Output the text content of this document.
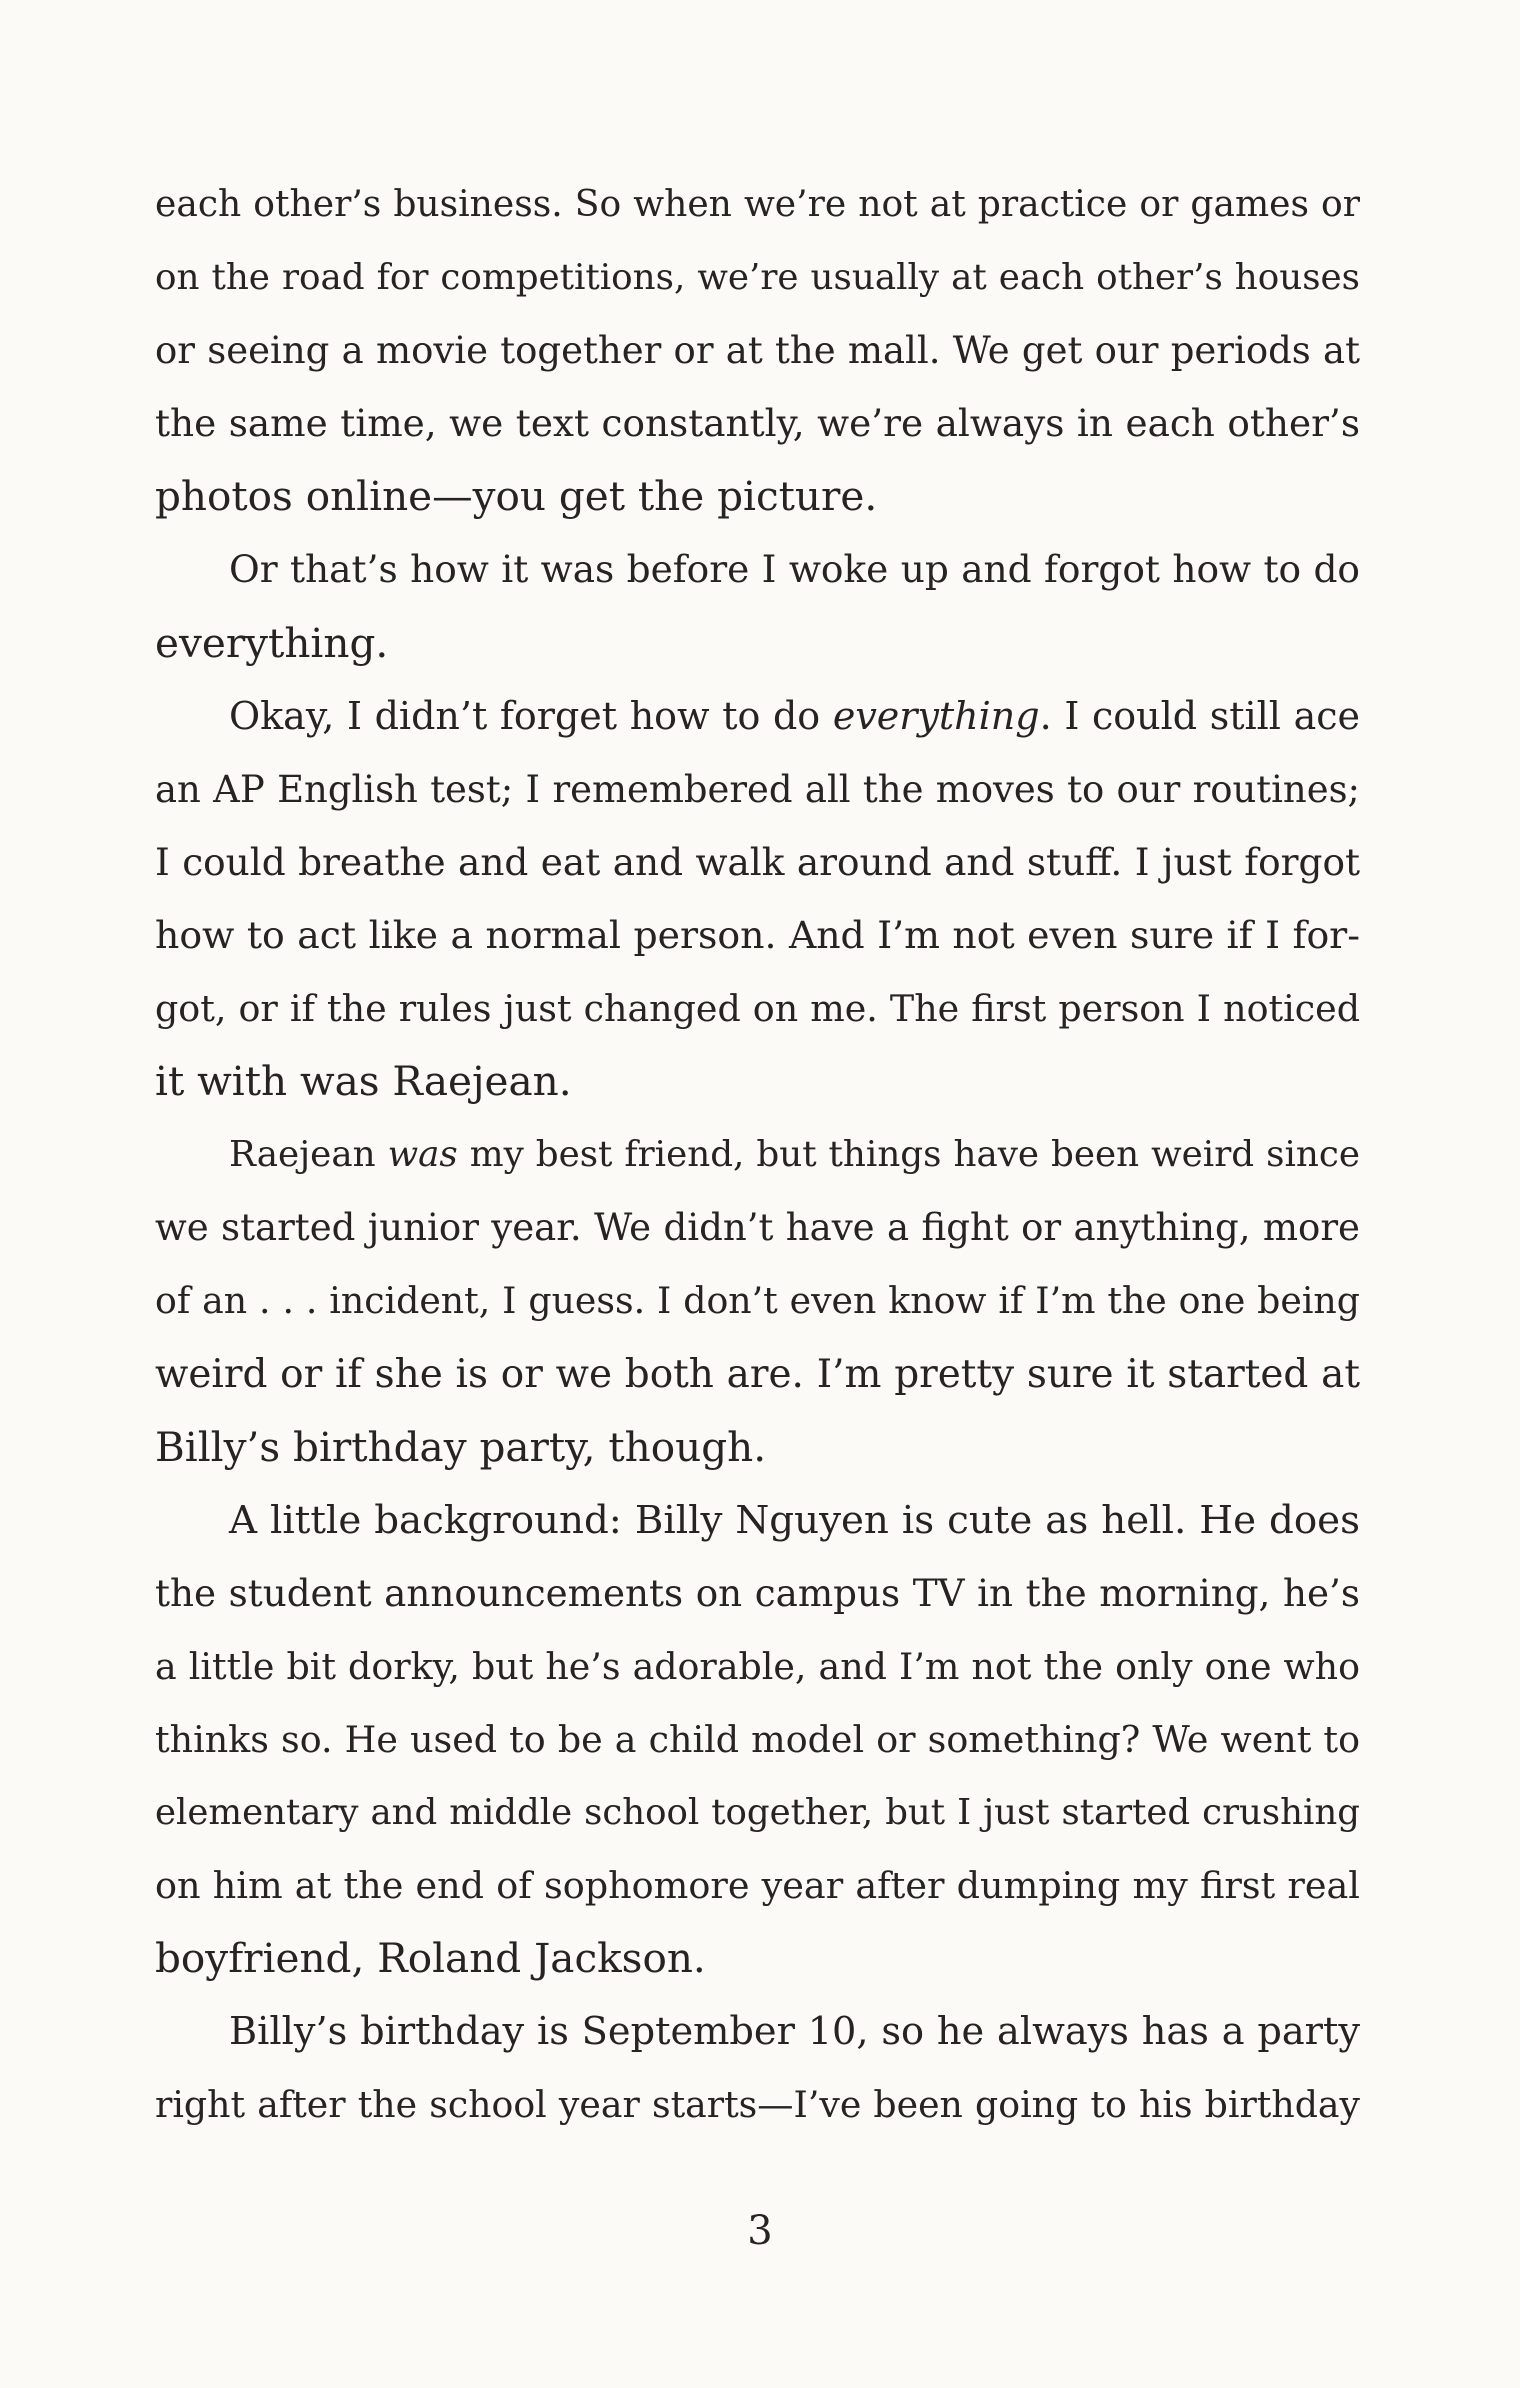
each other’s business. So when we’re not at practice or games or
on the road for competitions, we’re usually at each other’s houses
or seeing a movie together or at the mall. We get our periods at
the same time, we text constantly, we’re always in each other’s
photos online—you get the picture.

Or that’s how it was before I woke up and forgot how to do
everything.

Okay, I didn’t forget how to do everything. I could still ace
an AP English test; I remembered all the moves to our routines;
I could breathe and eat and walk around and stuff. I just forgot
how to act like a normal person. And I’m not even sure if I for-
got, or if the rules just changed on me. The first person I noticed
it with was Raejean.

Raejean was my best friend, but things have been weird since
we started junior year. We didn’t have a fight or anything, more
of an . . . incident, I guess. I don’t even know if I’m the one being
weird or if she is or we both are. I’m pretty sure it started at
Billy’s birthday party, though.

A little background: Billy Nguyen is cute as hell. He does
the student announcements on campus TV in the morning, he’s
a little bit dorky, but he’s adorable, and I’m not the only one who
thinks so. He used to be a child model or something? We went to
elementary and middle school together, but I just started crushing
on him at the end of sophomore year after dumping my first real
boyfriend, Roland Jackson.

Billy’s birthday is September 10, so he always has a party
right after the school year starts—I’ve been going to his birthday

3
